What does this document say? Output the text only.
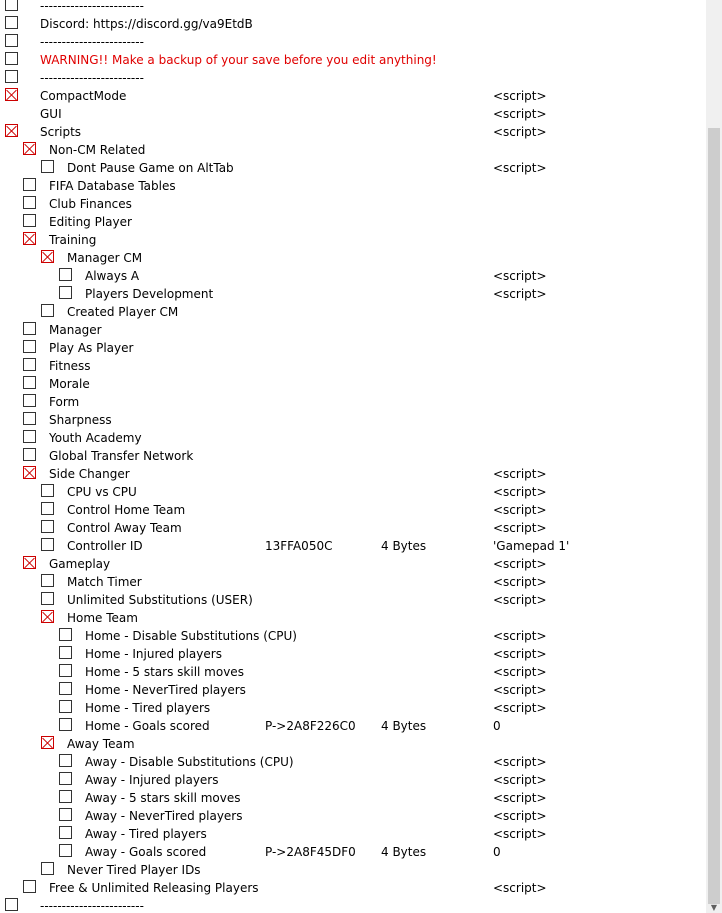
------------------------
Discord: https://discord.gg/va9EtdB
------------------------
WARNING!! Make a backup of your save before you edit anything!
------------------------
CompactMode	<script>
GUI	<script>
Scripts	<script>
Non-CM Related
Dont Pause Game on AltTab	<script>
FIFA Database Tables
Club Finances
Editing Player
Training
Manager CM
Always A	<script>
Players Development	<script>
Created Player CM
Manager
Play As Player
Fitness
Morale
Form
Sharpness
Youth Academy
Global Transfer Network
Side Changer	<script>
CPU vs CPU	<script>
Control Home Team	<script>
Control Away Team	<script>
Controller ID	13FFA050C	4 Bytes	'Gamepad 1'
Gameplay	<script>
Match Timer	<script>
Unlimited Substitutions (USER)	<script>
Home Team
Home - Disable Substitutions (CPU)	<script>
Home - Injured players	<script>
Home - 5 stars skill moves	<script>
Home - NeverTired players	<script>
Home - Tired players	<script>
Home - Goals scored	P->2A8F226C0 4 Bytes	0
Away Team
Away - Disable Substitutions (CPU)	<script>
Away - Injured players	<script>
Away - 5 stars skill moves	<script>
Away - NeverTired players	<script>
Away - Tired players	<script>
Away - Goals scored	P->2A8F45DF0 4 Bytes	0
Never Tired Player IDs
Free & Unlimited Releasing Players	<script>
------------------------	▼
